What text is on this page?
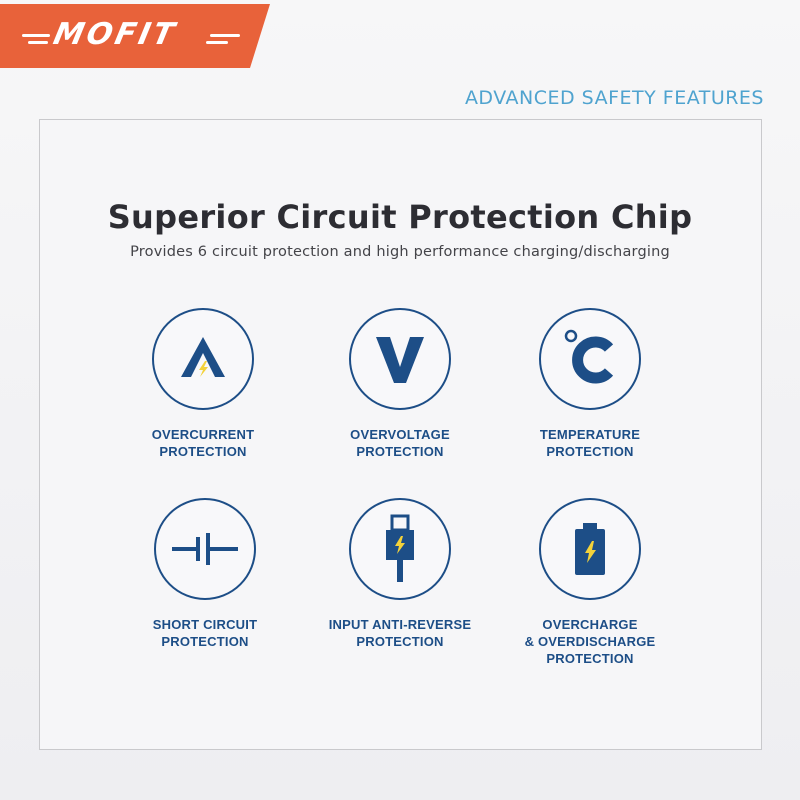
MOFIT
ADVANCED SAFETY FEATURES
Superior Circuit Protection Chip
Provides 6 circuit protection and high performance charging/discharging
OVERCURRENT
PROTECTION
OVERVOLTAGE
PROTECTION
TEMPERATURE
PROTECTION
SHORT CIRCUIT
PROTECTION
INPUT ANTI-REVERSE
PROTECTION
OVERCHARGE
& OVERDISCHARGE
PROTECTION
